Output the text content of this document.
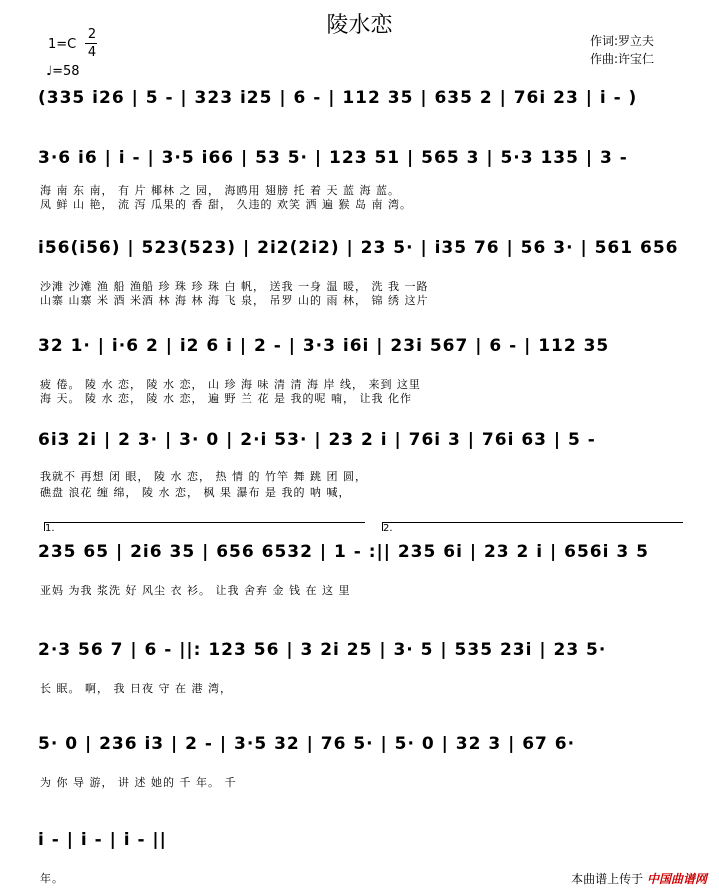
陵水恋
1=C
2
4
♩=58
作词:罗立夫
作曲:许宝仁
(335 i26 | 5 - | 323 i25 | 6 - | 112 35 | 635 2 | 76i 23 | i - )
3·6 i6 | i - | 3·5 i66 | 53 5· | 123 51 | 565 3 | 5·3 135 | 3 -
海 南 东 南， 有 片 椰林 之 园， 海鸥用 翅膀 托 着 天 蓝 海 蓝。
凤 鲜 山 艳， 流 泻 瓜果的 香 甜， 久违的 欢笑 洒 遍 猴 岛 南 湾。
i56(i56) | 523(523) | 2i2(2i2) | 23 5· | i35 76 | 56 3· | 561 656
沙滩 沙滩 渔 船 渔船 珍 珠 珍 珠 白 帆， 送我 一身 温 暖， 洗 我 一路
山寨 山寨 米 酒 米酒 林 海 林 海 飞 泉， 吊罗 山的 雨 林， 锦 绣 这片
32 1· | i·6 2 | i2 6 i | 2 - | 3·3 i6i | 23i 567 | 6 - | 112 35
疲 倦。 陵 水 恋， 陵 水 恋， 山 珍 海 味 清 清 海 岸 线， 来到 这里
海 天。 陵 水 恋， 陵 水 恋， 遍 野 兰 花 是 我的呢 喃， 让我 化作
6i3 2i | 2 3· | 3· 0 | 2·i 53· | 23 2 i | 76i 3 | 76i 63 | 5 -
我就不 再想 闭 眼， 陵 水 恋， 热 情 的 竹竿 舞 跳 团 圆，
礁盘 浪花 缠 绵， 陵 水 恋， 枫 果 瀑布 是 我的 呐 喊，
1.	2.
235 65 | 2i6 35 | 656 6532 | 1 - :|| 235 6i | 23 2 i | 656i 3 5
亚妈 为我 浆洗 好 风尘 衣 衫。 让我 舍弃 金 钱 在 这 里
2·3 56 7 | 6 - ||: 123 56 | 3 2i 25 | 3· 5 | 535 23i | 23 5·
长 眠。 啊， 我 日夜 守 在 港 湾，
5· 0 | 236 i3 | 2 - | 3·5 32 | 76 5· | 5· 0 | 32 3 | 67 6·
为 你 导 游， 讲 述 她的 千 年。 千
i - | i - | i - ||
年。	本曲谱上传于 中国曲谱网
